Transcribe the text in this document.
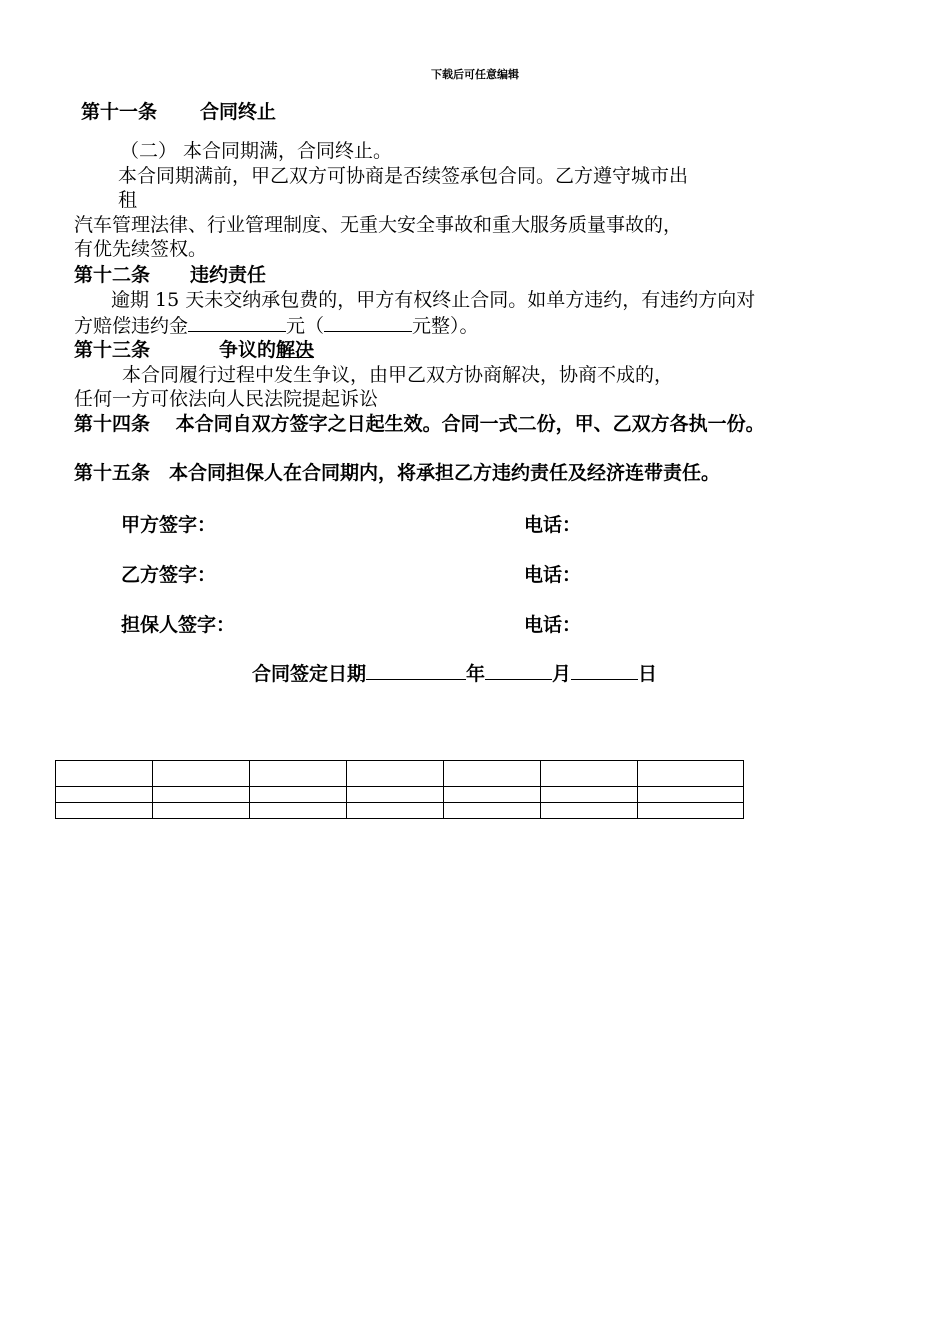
下载后可任意编辑
第十一条 合同终止
（二） 本合同期满，合同终止。
本合同期满前，甲乙双方可协商是否续签承包合同。乙方遵守城市出
租
汽车管理法律、行业管理制度、无重大安全事故和重大服务质量事故的，
有优先续签权。
第十二条 违约责任
逾期 15 天未交纳承包费的，甲方有权终止合同。如单方违约，有违约方向对
方赔偿违约金	元（	元整）。
第十三条	争议的解决
本合同履行过程中发生争议，由甲乙双方协商解决，协商不成的，
任何一方可依法向人民法院提起诉讼
第十四条　 本合同自双方签字之日起生效。合同一式二份，甲、乙双方各执一份。
第十五条　本合同担保人在合同期内，将承担乙方违约责任及经济连带责任。
甲方签字：	电话：
乙方签字：	电话：
担保人签字：	电话：
合同签定日期	年	月	日
